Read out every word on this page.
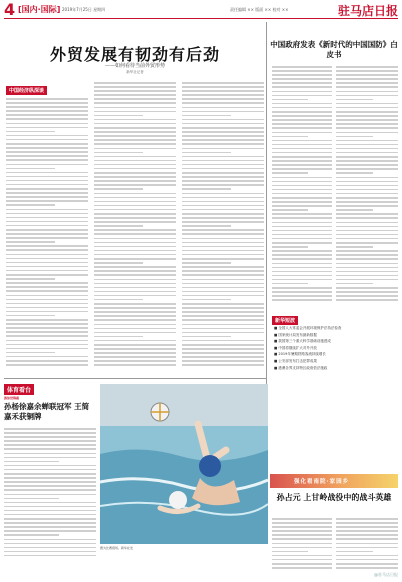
4 [国内·国际] 2019年7月25日 星期四	责任编辑 ×× 版面 ×× 校对 ××	驻马店日报
外贸发展有韧劲有后劲
——如何看待当前外贸形势
新华社记者
中国经济纵深谈
中国政府发表《新时代的中国国防》白皮书
新华短波
■ 全国人大常委会开展环境保护法执法检查
■ 国家统计局发布最新数据
■ 我国第三个重大科学基础设施建成
■ 中国将继续扩大对外开放
■ 2019年暑期铁路客流持续增长
■ 公安部发布打击犯罪成果
■ 港澳各界支持特区政府依法施政
强化看南院·家园乡
体育看台
游泳世锦赛
孙杨徐嘉余蝉联冠军 王简嘉禾获铜牌
图为比赛现场。新华社发
孙占元 上甘岭战役中的战斗英雄
@驻马店日报
